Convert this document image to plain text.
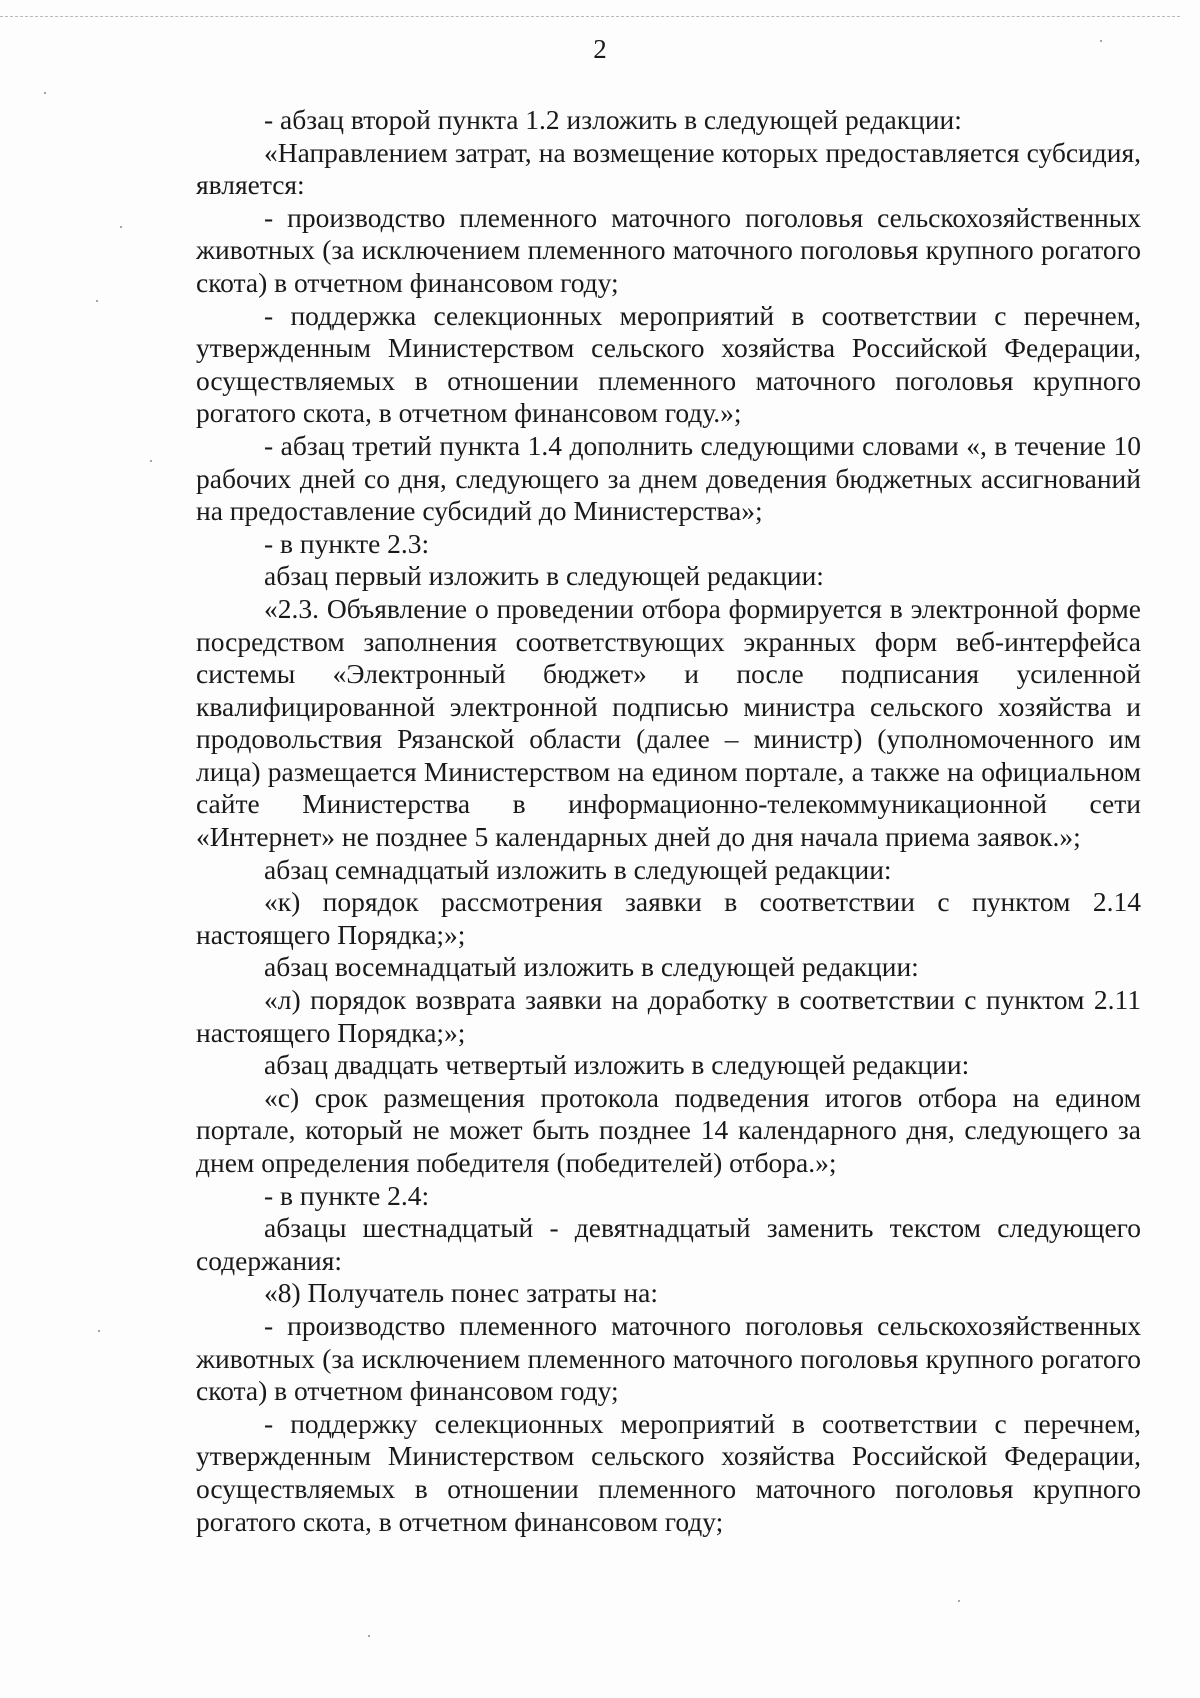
2

- абзац второй пункта 1.2 изложить в следующей редакции:

«Направлением затрат, на возмещение которых предоставляется субсидия, является:

- производство племенного маточного поголовья сельскохозяйственных животных (за исключением племенного маточного поголовья крупного рогатого скота) в отчетном финансовом году;

- поддержка селекционных мероприятий в соответствии с перечнем, утвержденным Министерством сельского хозяйства Российской Федерации, осуществляемых в отношении племенного маточного поголовья крупного рогатого скота, в отчетном финансовом году.»;

- абзац третий пункта 1.4 дополнить следующими словами «, в течение 10 рабочих дней со дня, следующего за днем доведения бюджетных ассигнований на предоставление субсидий до Министерства»;

- в пункте 2.3:

абзац первый изложить в следующей редакции:

«2.3. Объявление о проведении отбора формируется в электронной форме посредством заполнения соответствующих экранных форм веб-интерфейса системы «Электронный бюджет» и после подписания усиленной квалифицированной электронной подписью министра сельского хозяйства и продовольствия Рязанской области (далее – министр) (уполномоченного им лица) размещается Министерством на едином портале, а также на официальном сайте Министерства в информационно-телекоммуникационной сети «Интернет» не позднее 5 календарных дней до дня начала приема заявок.»;

абзац семнадцатый изложить в следующей редакции:

«к) порядок рассмотрения заявки в соответствии с пунктом 2.14 настоящего Порядка;»;

абзац восемнадцатый изложить в следующей редакции:

«л) порядок возврата заявки на доработку в соответствии с пунктом 2.11 настоящего Порядка;»;

абзац двадцать четвертый изложить в следующей редакции:

«с) срок размещения протокола подведения итогов отбора на едином портале, который не может быть позднее 14 календарного дня, следующего за днем определения победителя (победителей) отбора.»;

- в пункте 2.4:

абзацы шестнадцатый - девятнадцатый заменить текстом следующего содержания:

«8) Получатель понес затраты на:

- производство племенного маточного поголовья сельскохозяйственных животных (за исключением племенного маточного поголовья крупного рогатого скота) в отчетном финансовом году;

- поддержку селекционных мероприятий в соответствии с перечнем, утвержденным Министерством сельского хозяйства Российской Федерации, осуществляемых в отношении племенного маточного поголовья крупного рогатого скота, в отчетном финансовом году;
